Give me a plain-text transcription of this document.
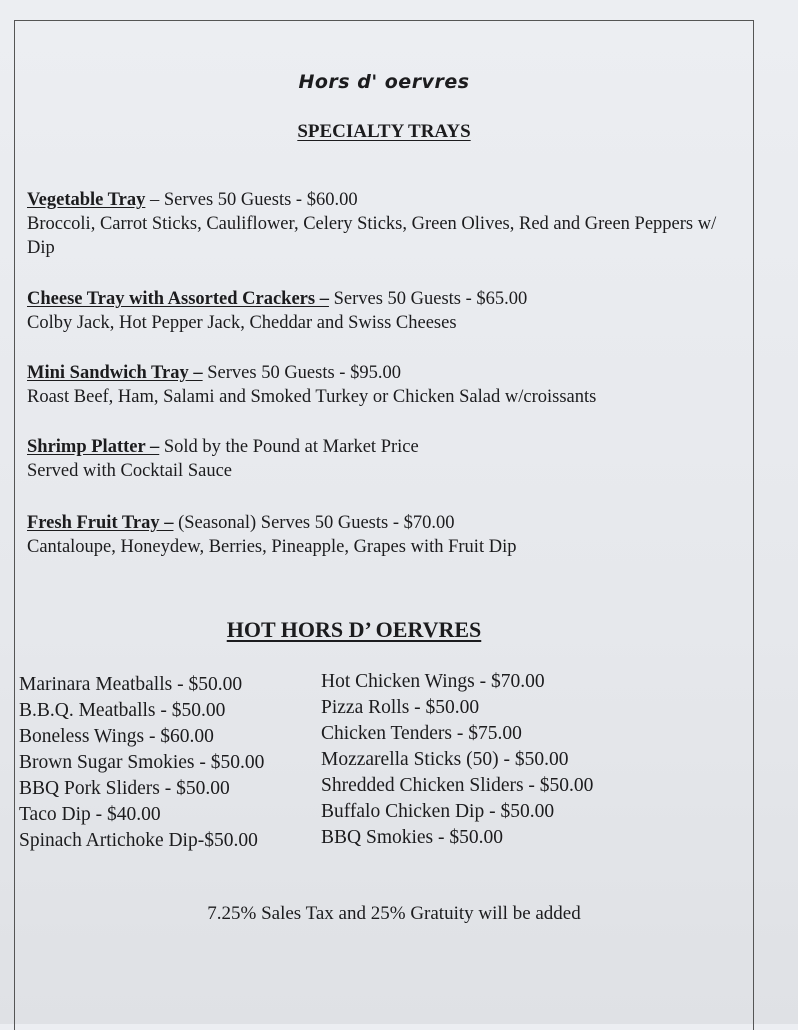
Hors d' oervres
SPECIALTY TRAYS
Vegetable Tray – Serves 50 Guests - $60.00
Broccoli, Carrot Sticks, Cauliflower, Celery Sticks, Green Olives, Red and Green Peppers w/ Dip
Cheese Tray with Assorted Crackers – Serves 50 Guests - $65.00
Colby Jack, Hot Pepper Jack, Cheddar and Swiss Cheeses
Mini Sandwich Tray – Serves 50 Guests - $95.00
Roast Beef, Ham, Salami and Smoked Turkey or Chicken Salad w/croissants
Shrimp Platter – Sold by the Pound at Market Price
Served with Cocktail Sauce
Fresh Fruit Tray – (Seasonal) Serves 50 Guests - $70.00
Cantaloupe, Honeydew, Berries, Pineapple, Grapes with Fruit Dip
HOT HORS D’ OERVRES
Marinara Meatballs - $50.00
B.B.Q. Meatballs - $50.00
Boneless Wings - $60.00
Brown Sugar Smokies - $50.00
BBQ Pork Sliders - $50.00
Taco Dip - $40.00
Spinach Artichoke Dip-$50.00
Hot Chicken Wings - $70.00
Pizza Rolls - $50.00
Chicken Tenders - $75.00
Mozzarella Sticks (50) - $50.00
Shredded Chicken Sliders - $50.00
Buffalo Chicken Dip - $50.00
BBQ Smokies - $50.00
7.25% Sales Tax and 25% Gratuity will be added
